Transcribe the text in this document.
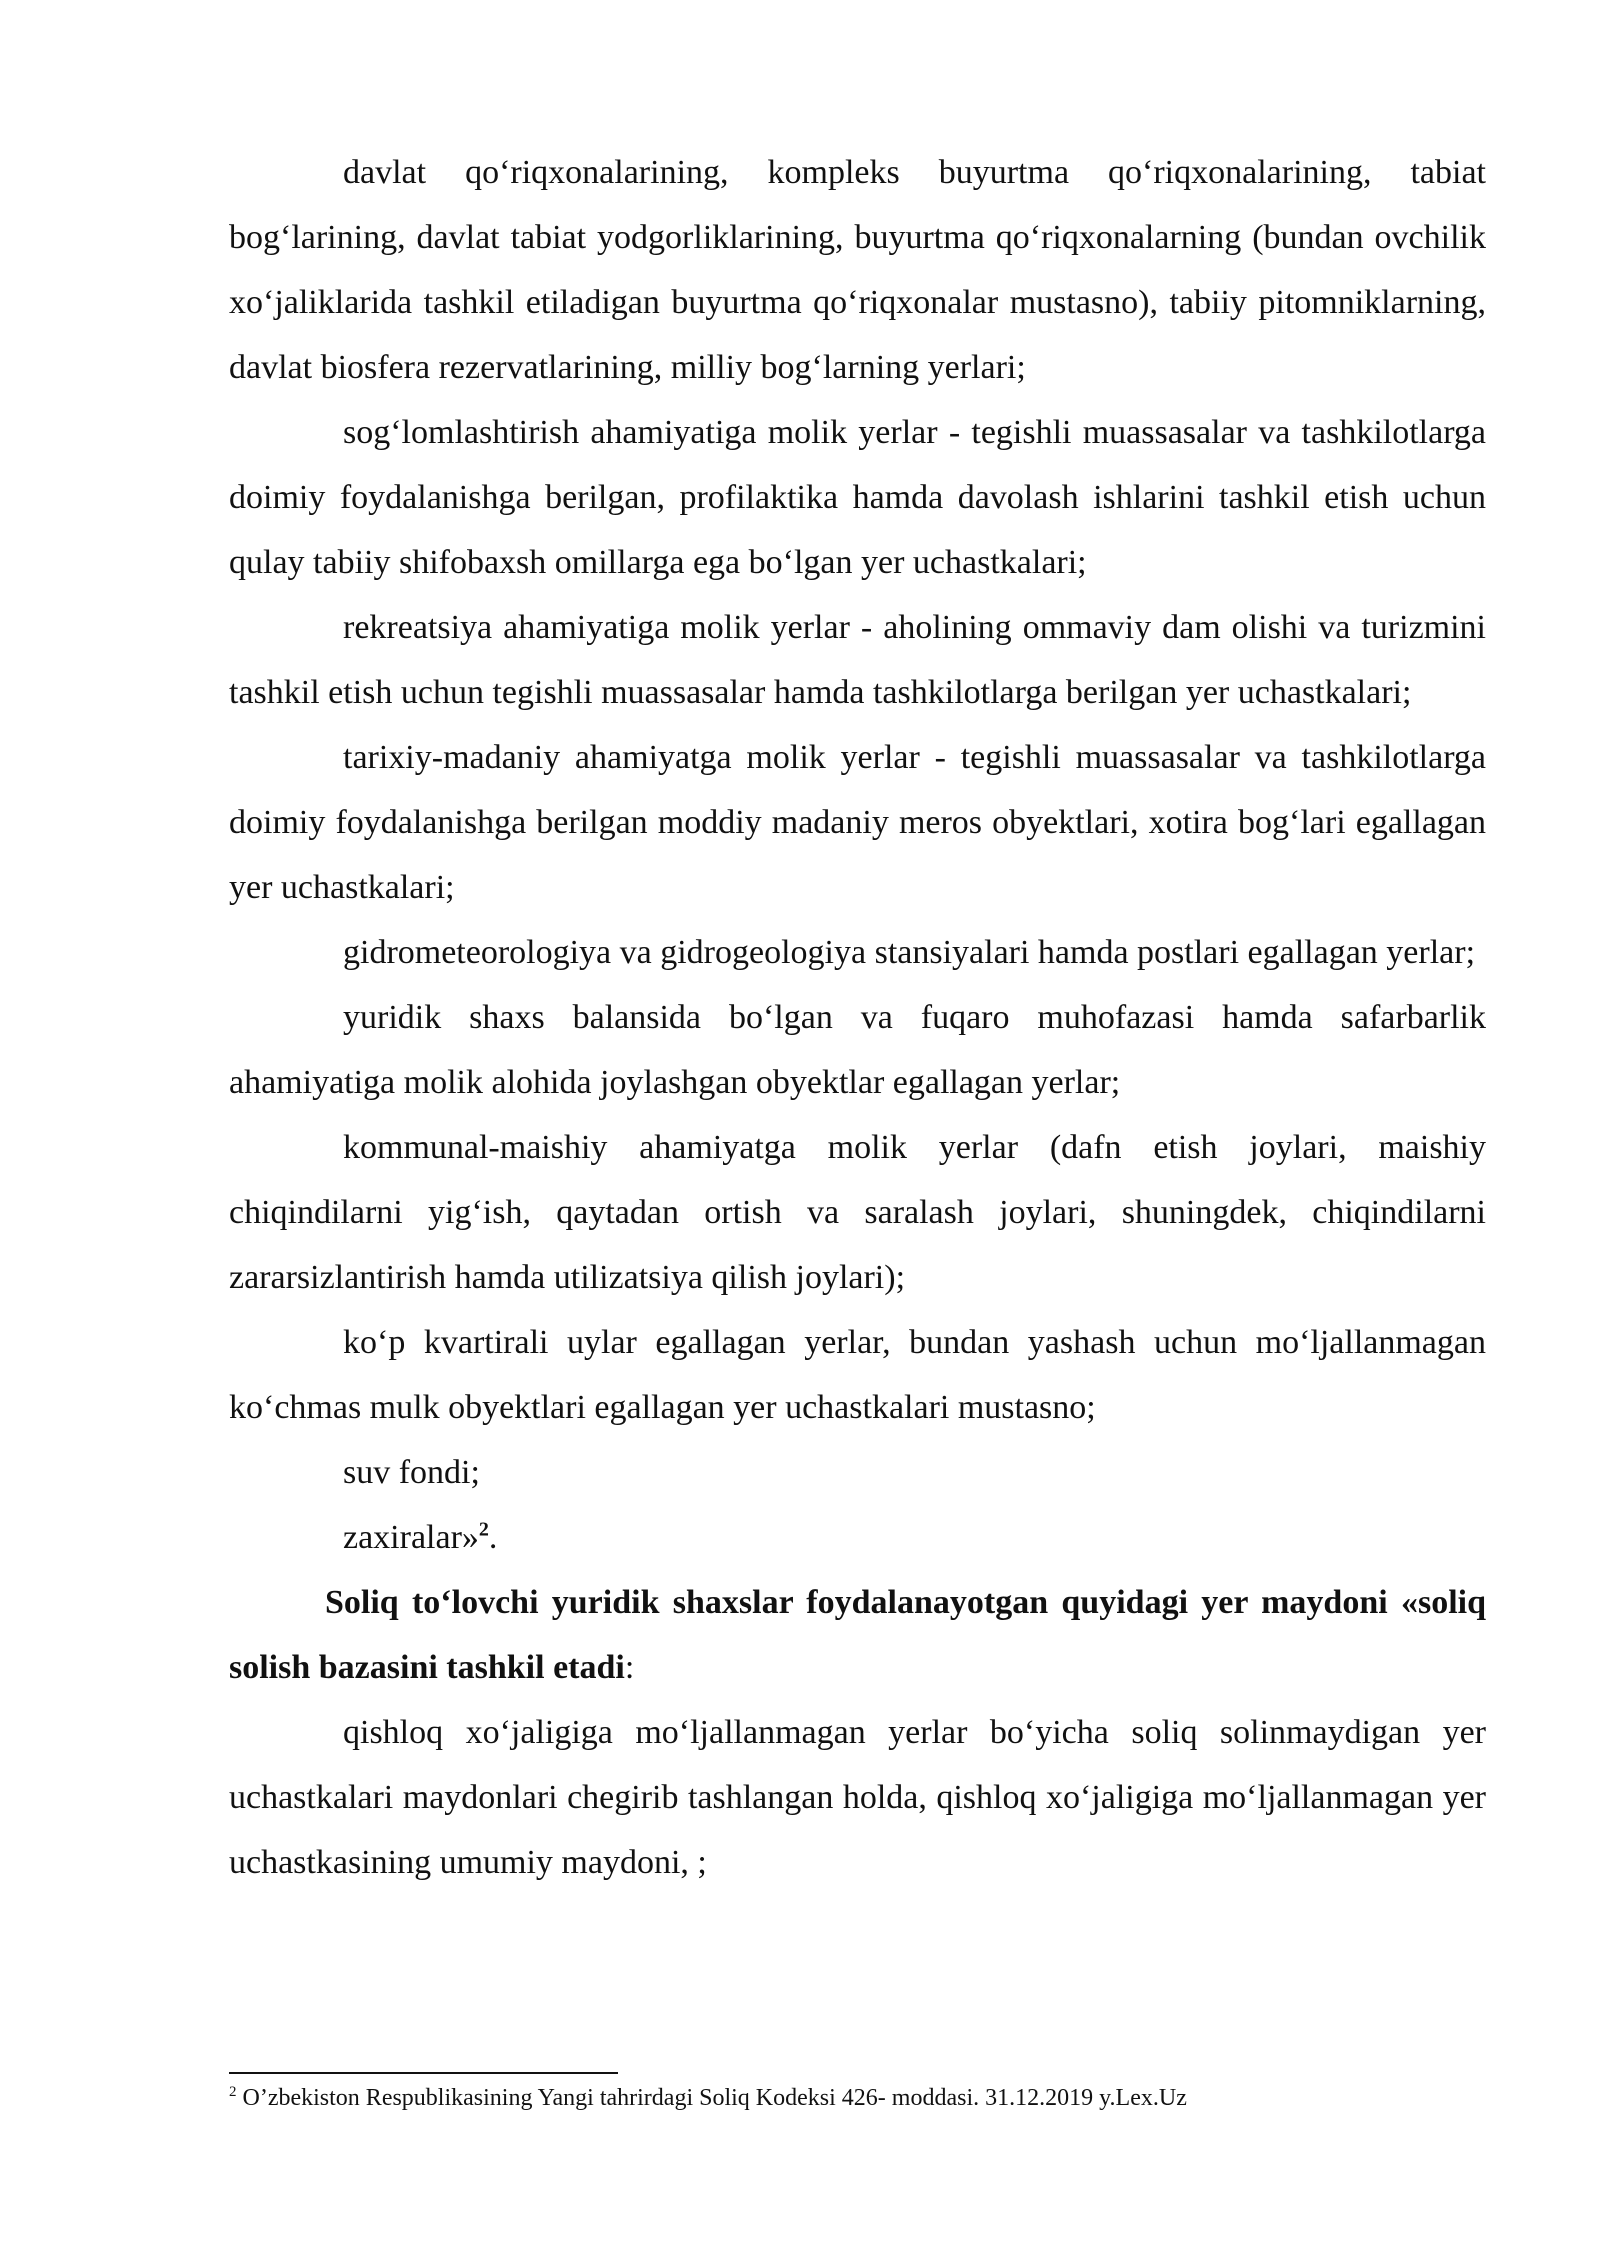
davlat qo‘riqxonalarining, kompleks buyurtma qo‘riqxonalarining, tabiat bog‘larining, davlat tabiat yodgorliklarining, buyurtma qo‘riqxonalarning (bundan ovchilik xo‘jaliklarida tashkil etiladigan buyurtma qo‘riqxonalar mustasno), tabiiy pitomniklarning, davlat biosfera rezervatlarining, milliy bog‘larning yerlari;

sog‘lomlashtirish ahamiyatiga molik yerlar - tegishli muassasalar va tashkilotlarga doimiy foydalanishga berilgan, profilaktika hamda davolash ishlarini tashkil etish uchun qulay tabiiy shifobaxsh omillarga ega bo‘lgan yer uchastkalari;

rekreatsiya ahamiyatiga molik yerlar - aholining ommaviy dam olishi va turizmini tashkil etish uchun tegishli muassasalar hamda tashkilotlarga berilgan yer uchastkalari;

tarixiy-madaniy ahamiyatga molik yerlar - tegishli muassasalar va tashkilotlarga doimiy foydalanishga berilgan moddiy madaniy meros obyektlari, xotira bog‘lari egallagan yer uchastkalari;

gidrometeorologiya va gidrogeologiya stansiyalari hamda postlari egallagan yerlar;

yuridik shaxs balansida bo‘lgan va fuqaro muhofazasi hamda safarbarlik ahamiyatiga molik alohida joylashgan obyektlar egallagan yerlar;

kommunal-maishiy ahamiyatga molik yerlar (dafn etish joylari, maishiy chiqindilarni yig‘ish, qaytadan ortish va saralash joylari, shuningdek, chiqindilarni zararsizlantirish hamda utilizatsiya qilish joylari);

ko‘p kvartirali uylar egallagan yerlar, bundan yashash uchun mo‘ljallanmagan ko‘chmas mulk obyektlari egallagan yer uchastkalari mustasno;

suv fondi;

zaxiralar»$^2$.

Soliq to‘lovchi yuridik shaxslar foydalanayotgan quyidagi yer maydoni «soliq solish bazasini tashkil etadi:

qishloq xo‘jaligiga mo‘ljallanmagan yerlar bo‘yicha soliq solinmaydigan yer uchastkalari maydonlari chegirib tashlangan holda, qishloq xo‘jaligiga mo‘ljallanmagan yer uchastkasining umumiy maydoni, ;

$^2$ O’zbekiston Respublikasining Yangi tahrirdagi Soliq Kodeksi 426- moddasi. 31.12.2019 y.Lex.Uz
